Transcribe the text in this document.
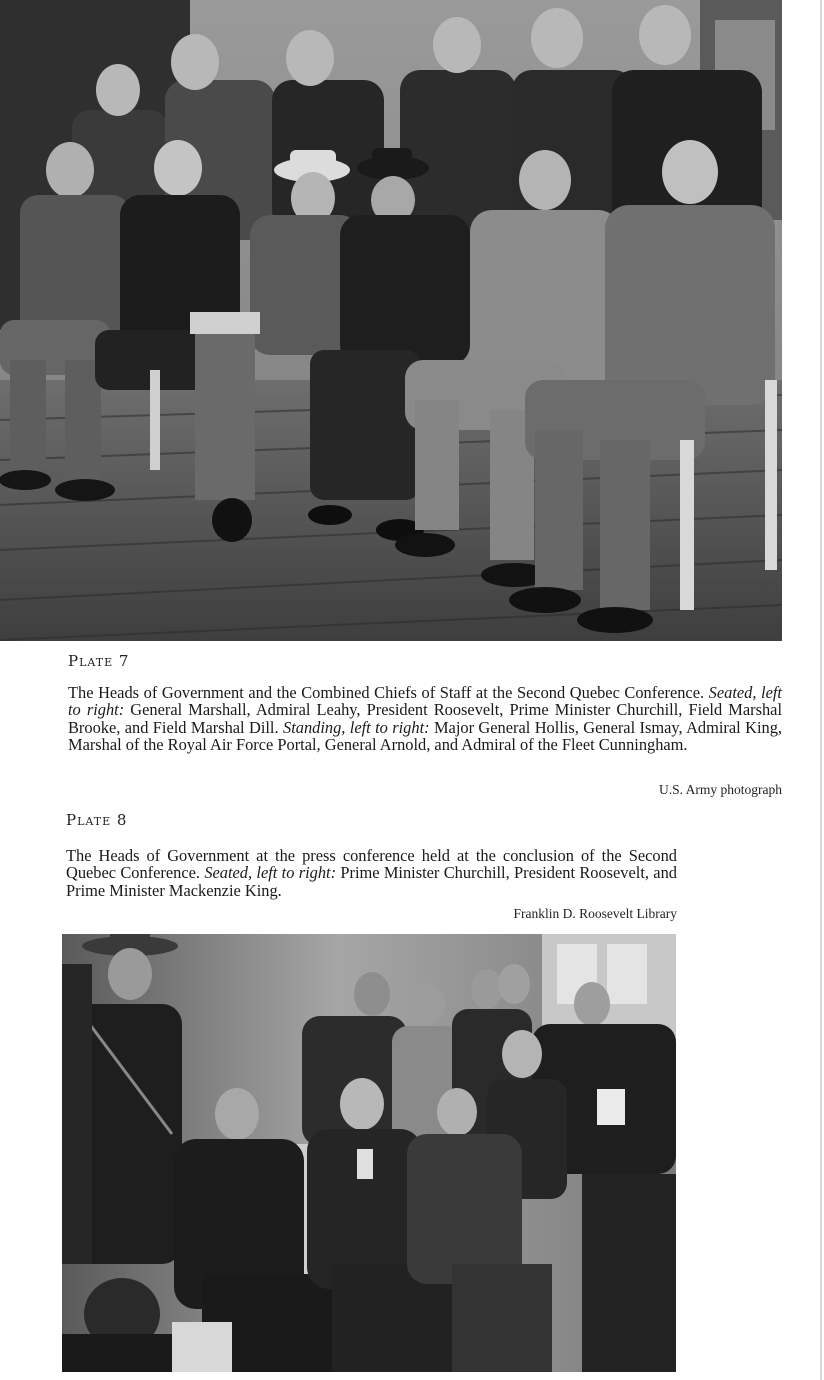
Plate 7
The Heads of Government and the Combined Chiefs of Staff at the Second Quebec Conference. Seated, left to right: General Marshall, Admiral Leahy, President Roosevelt, Prime Minister Churchill, Field Marshal Brooke, and Field Marshal Dill. Standing, left to right: Major General Hollis, General Ismay, Admiral King, Marshal of the Royal Air Force Portal, General Arnold, and Admiral of the Fleet Cunningham.
U.S. Army photograph
Plate 8
The Heads of Government at the press conference held at the conclusion of the Second Quebec Conference. Seated, left to right: Prime Minister Churchill, President Roosevelt, and Prime Minister Mackenzie King.
Franklin D. Roosevelt Library
